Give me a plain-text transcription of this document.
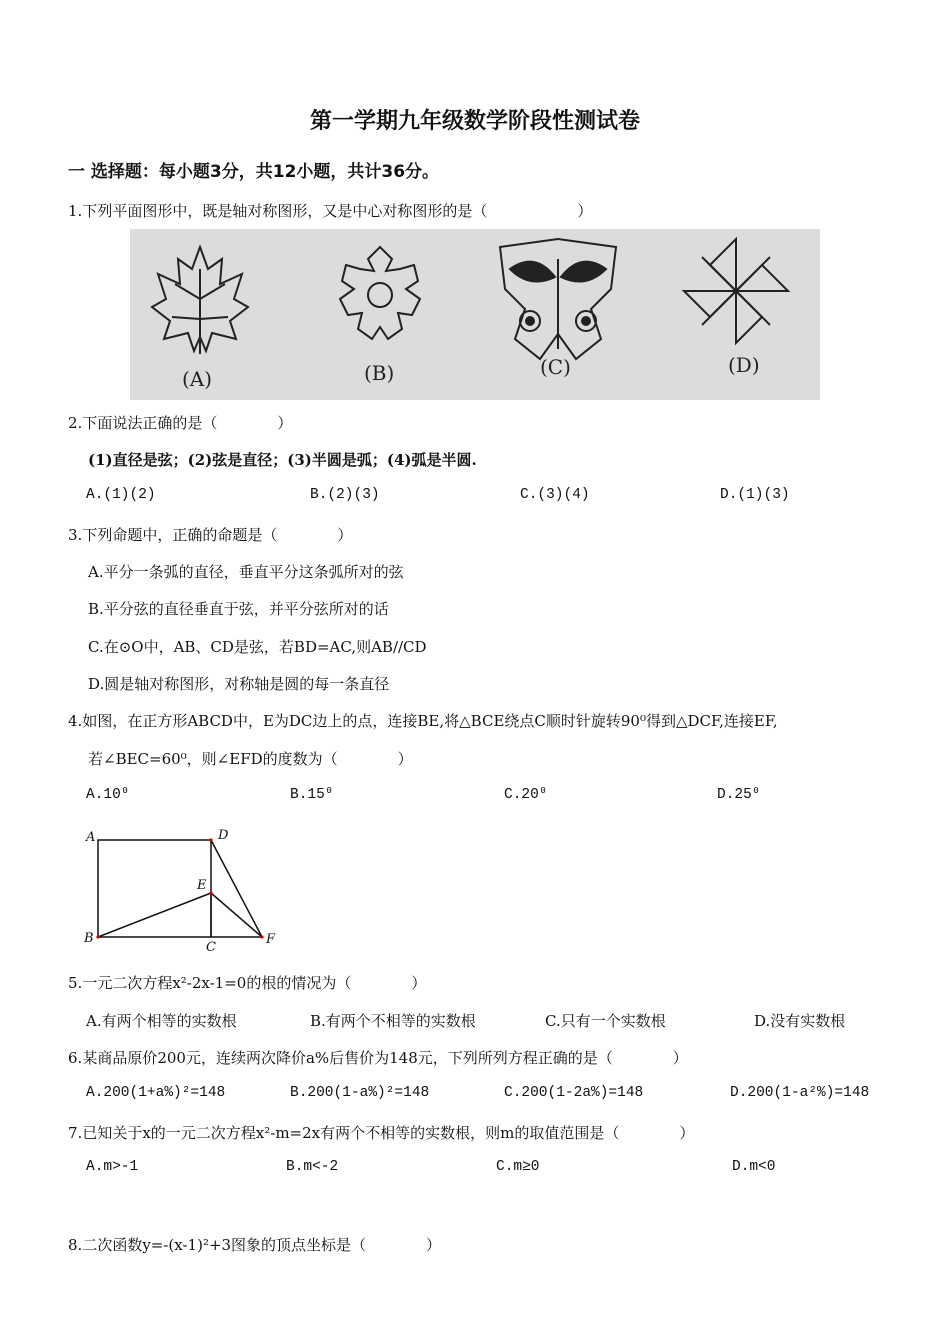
第一学期九年级数学阶段性测试卷
一 选择题：每小题3分，共12小题，共计36分。
1.下列平面图形中，既是轴对称图形，又是中心对称图形的是（　　　　　　）
(A)	(B)	(C)	(D)
2.下面说法正确的是（　　　　）
(1)直径是弦；(2)弦是直径；(3)半圆是弧；(4)弧是半圆.
A.(1)(2)	B.(2)(3)	C.(3)(4)	D.(1)(3)
3.下列命题中，正确的命题是（　　　　）
A.平分一条弧的直径，垂直平分这条弧所对的弦
B.平分弦的直径垂直于弦，并平分弦所对的话
C.在⊙O中，AB、CD是弦，若BD=AC,则AB//CD
D.圆是轴对称图形，对称轴是圆的每一条直径
4.如图，在正方形ABCD中，E为DC边上的点，连接BE,将△BCE绕点C顺时针旋转90⁰得到△DCF,连接EF,
若∠BEC=60⁰，则∠EFD的度数为（　　　　）
A.10⁰	B.15⁰	C.20⁰	D.25⁰
A	D
E
B
C
F
5.一元二次方程x²-2x-1=0的根的情况为（　　　　）
A.有两个相等的实数根	B.有两个不相等的实数根	C.只有一个实数根	D.没有实数根
6.某商品原价200元，连续两次降价a%后售价为148元，下列所列方程正确的是（　　　　）
A.200(1+a%)²=148	B.200(1-a%)²=148	C.200(1-2a%)=148	D.200(1-a²%)=148
7.已知关于x的一元二次方程x²-m=2x有两个不相等的实数根，则m的取值范围是（　　　　）
A.m>-1	B.m<-2	C.m≥0	D.m<0
8.二次函数y=-(x-1)²+3图象的顶点坐标是（　　　　）
